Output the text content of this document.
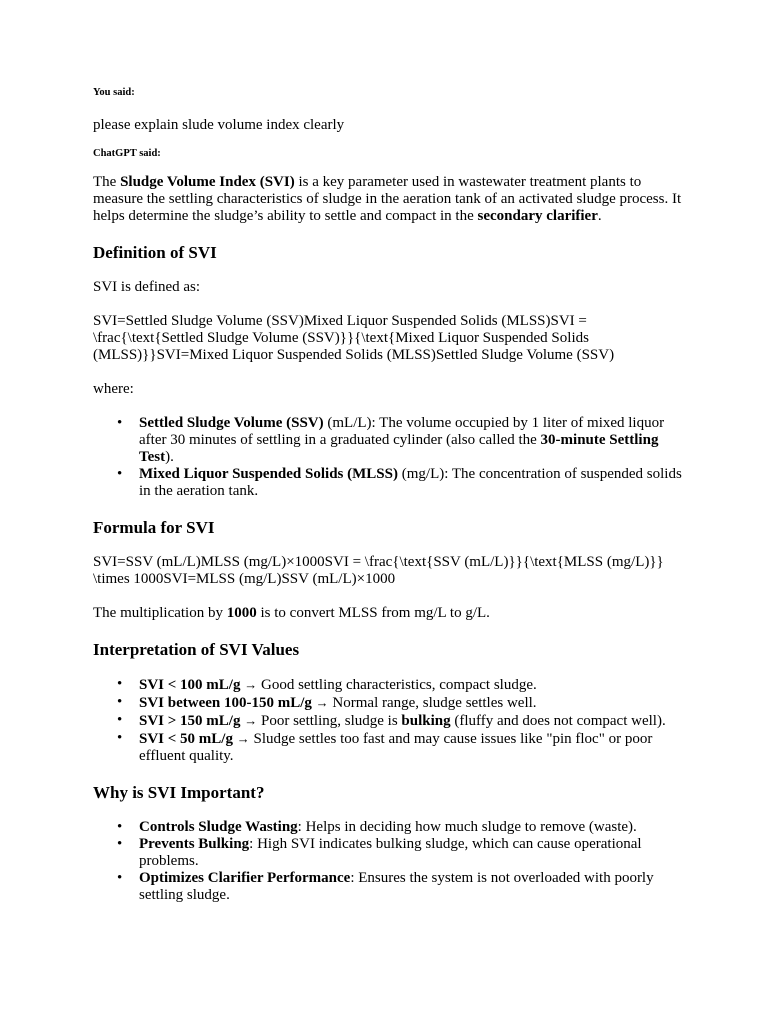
You said:

please explain slude volume index clearly

ChatGPT said:

The Sludge Volume Index (SVI) is a key parameter used in wastewater treatment plants to measure the settling characteristics of sludge in the aeration tank of an activated sludge process. It helps determine the sludge’s ability to settle and compact in the secondary clarifier.

Definition of SVI

SVI is defined as:

SVI=Settled Sludge Volume (SSV)Mixed Liquor Suspended Solids (MLSS)SVI = \frac{\text{Settled Sludge Volume (SSV)}}{\text{Mixed Liquor Suspended Solids (MLSS)}}SVI=Mixed Liquor Suspended Solids (MLSS)Settled Sludge Volume (SSV)

where:

• Settled Sludge Volume (SSV) (mL/L): The volume occupied by 1 liter of mixed liquor after 30 minutes of settling in a graduated cylinder (also called the 30-minute Settling Test).
• Mixed Liquor Suspended Solids (MLSS) (mg/L): The concentration of suspended solids in the aeration tank.
Formula for SVI

SVI=SSV (mL/L)MLSS (mg/L)×1000SVI = \frac{\text{SSV (mL/L)}}{\text{MLSS (mg/L)}} \times 1000SVI=MLSS (mg/L)SSV (mL/L)×1000

The multiplication by 1000 is to convert MLSS from mg/L to g/L.

Interpretation of SVI Values
• SVI < 100 mL/g → Good settling characteristics, compact sludge.
• SVI between 100-150 mL/g → Normal range, sludge settles well.
• SVI > 150 mL/g → Poor settling, sludge is bulking (fluffy and does not compact well).
• SVI < 50 mL/g → Sludge settles too fast and may cause issues like "pin floc" or poor effluent quality.
Why is SVI Important?
• Controls Sludge Wasting: Helps in deciding how much sludge to remove (waste).
• Prevents Bulking: High SVI indicates bulking sludge, which can cause operational problems.
• Optimizes Clarifier Performance: Ensures the system is not overloaded with poorly settling sludge.
